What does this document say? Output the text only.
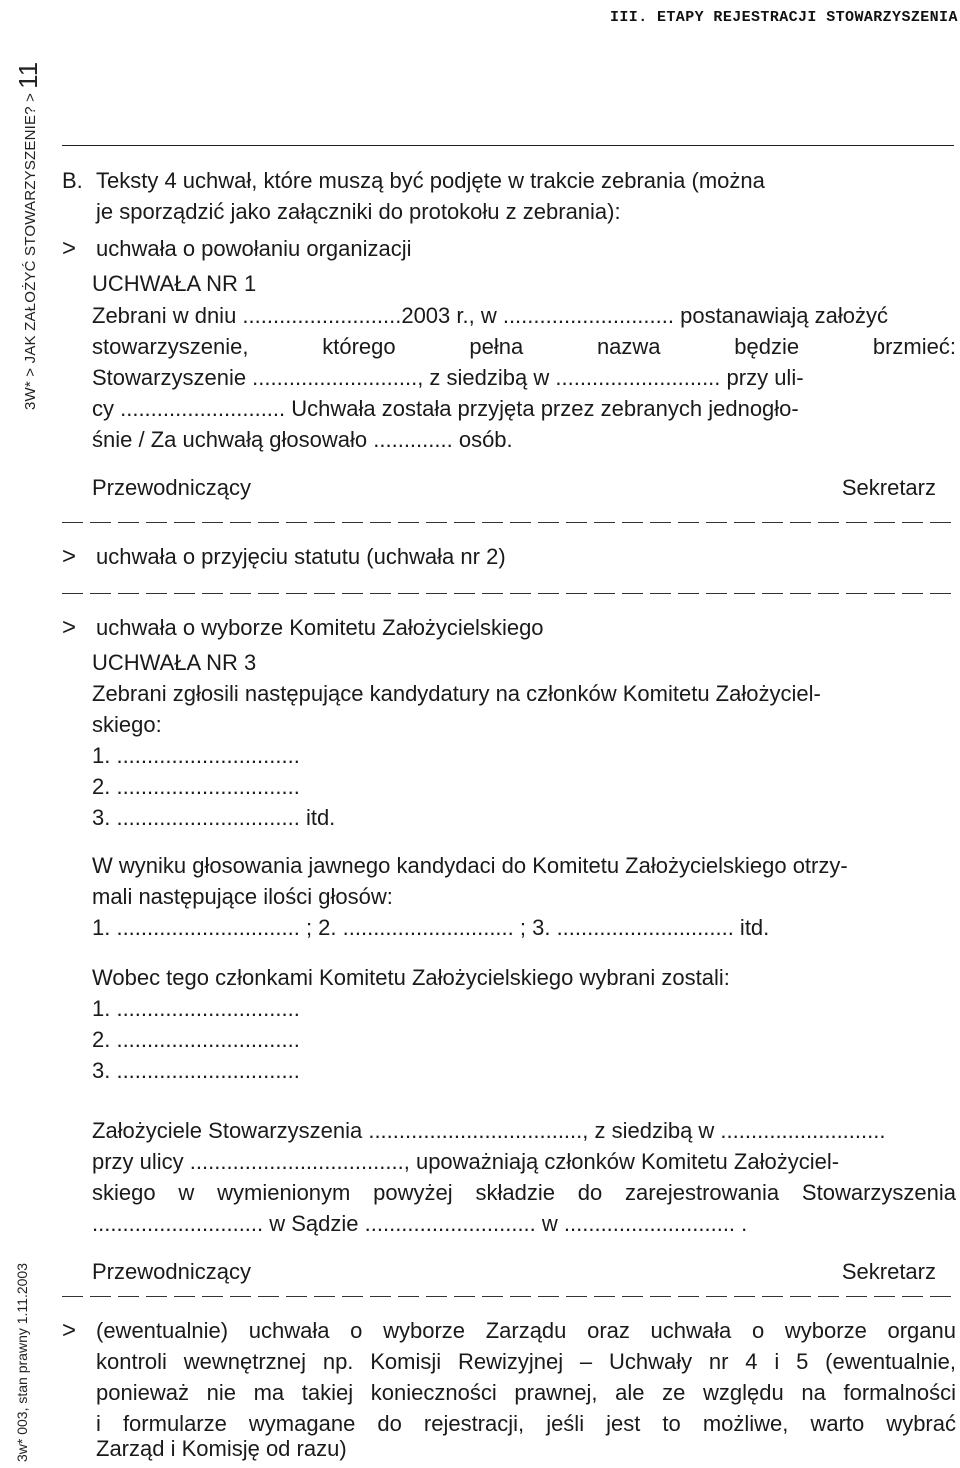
3W* > JAK ZAŁOŻYĆ STOWARZYSZENIE? >11
3w* 003, stan prawny 1.11.2003
III. ETAPY REJESTRACJI STOWARZYSZENIA
B. Teksty 4 uchwał, które muszą być podjęte w trakcie zebrania (można
je sporządzić jako załączniki do protokołu z zebrania):
> uchwała o powołaniu organizacji
UCHWAŁA NR 1
Zebrani w dniu ..........................2003 r., w ............................ postanawiają założyć
stowarzyszenie, którego pełna nazwa będzie brzmieć:
Stowarzyszenie ..........................., z siedzibą w ........................... przy uli-
cy ........................... Uchwała została przyjęta przez zebranych jednogło-
śnie / Za uchwałą głosowało ............. osób.
Przewodniczący	Sekretarz
> uchwała o przyjęciu statutu (uchwała nr 2)
> uchwała o wyborze Komitetu Założycielskiego
UCHWAŁA NR 3
Zebrani zgłosili następujące kandydatury na członków Komitetu Założyciel-
skiego:
1. ..............................
2. ..............................
3. .............................. itd.
W wyniku głosowania jawnego kandydaci do Komitetu Założycielskiego otrzy-
mali następujące ilości głosów:
1. .............................. ; 2. ............................ ; 3. ............................. itd.
Wobec tego członkami Komitetu Założycielskiego wybrani zostali:
1. ..............................
2. ..............................
3. ..............................
Założyciele Stowarzyszenia ..................................., z siedzibą w ...........................
przy ulicy ..................................., upoważniają członków Komitetu Założyciel-
skiego w wymienionym powyżej składzie do zarejestrowania Stowarzyszenia
............................ w Sądzie ............................ w ............................ .
Przewodniczący	Sekretarz
> (ewentualnie) uchwała o wyborze Zarządu oraz uchwała o wyborze organu
kontroli wewnętrznej np. Komisji Rewizyjnej – Uchwały nr 4 i 5 (ewentualnie,
ponieważ nie ma takiej konieczności prawnej, ale ze względu na formalności
i formularze wymagane do rejestracji, jeśli jest to możliwe, warto wybrać
Zarząd i Komisję od razu)
